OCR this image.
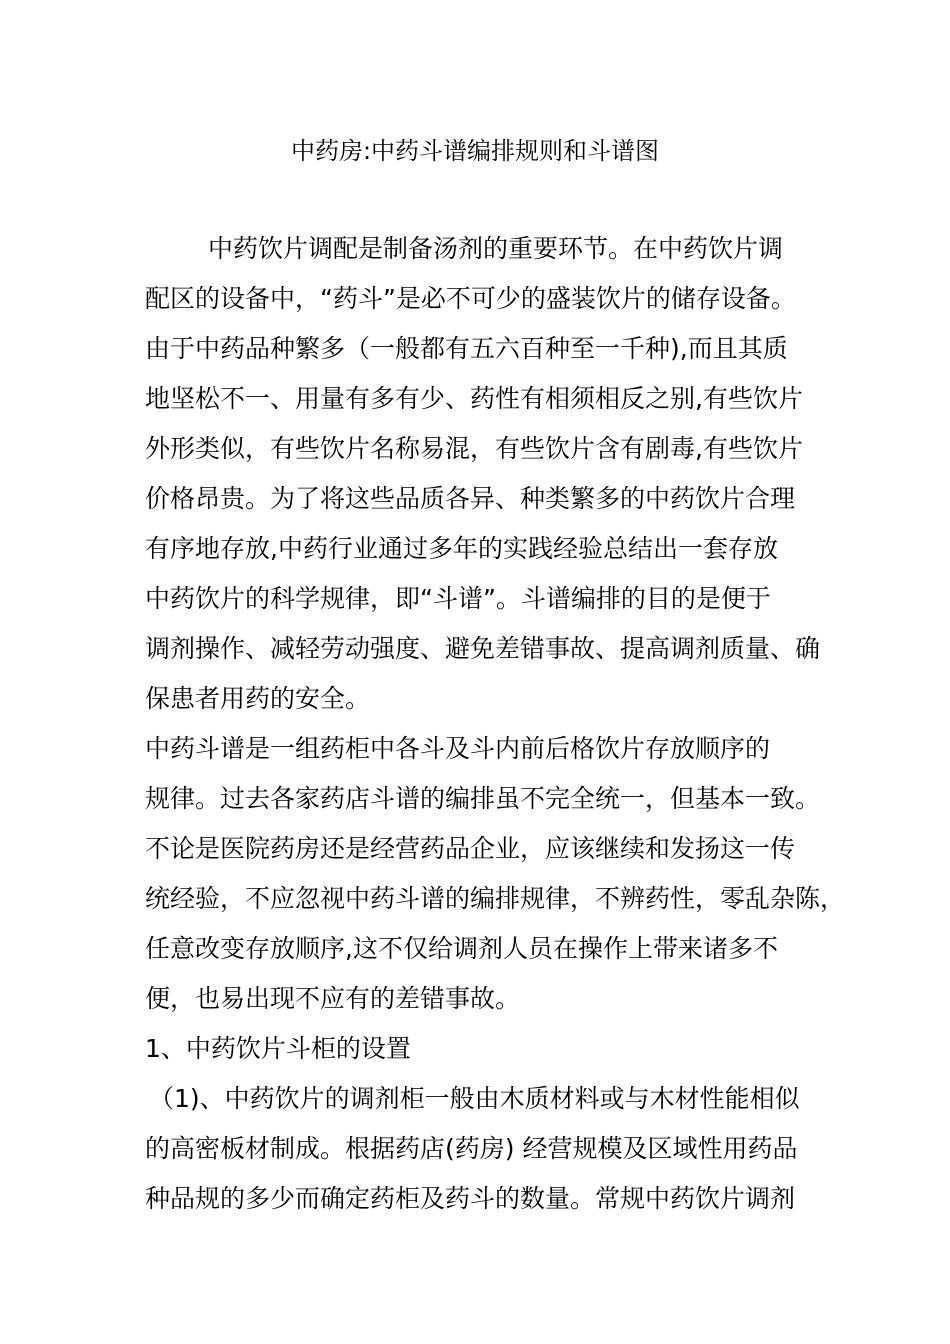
中药房:中药斗谱编排规则和斗谱图
中药饮片调配是制备汤剂的重要环节。在中药饮片调
配区的设备中，“药斗”是必不可少的盛装饮片的储存设备。
由于中药品种繁多（一般都有五六百种至一千种),而且其质
地坚松不一、用量有多有少、药性有相须相反之别,有些饮片
外形类似，有些饮片名称易混，有些饮片含有剧毒,有些饮片
价格昂贵。为了将这些品质各异、种类繁多的中药饮片合理
有序地存放,中药行业通过多年的实践经验总结出一套存放
中药饮片的科学规律，即“斗谱”。斗谱编排的目的是便于
调剂操作、减轻劳动强度、避免差错事故、提高调剂质量、确
保患者用药的安全。
中药斗谱是一组药柜中各斗及斗内前后格饮片存放顺序的
规律。过去各家药店斗谱的编排虽不完全统一，但基本一致。
不论是医院药房还是经营药品企业，应该继续和发扬这一传
统经验，不应忽视中药斗谱的编排规律，不辨药性，零乱杂陈，
任意改变存放顺序,这不仅给调剂人员在操作上带来诸多不
便，也易出现不应有的差错事故。
1、中药饮片斗柜的设置
（1)、中药饮片的调剂柜一般由木质材料或与木材性能相似
的高密板材制成。根据药店(药房) 经营规模及区域性用药品
种品规的多少而确定药柜及药斗的数量。常规中药饮片调剂
